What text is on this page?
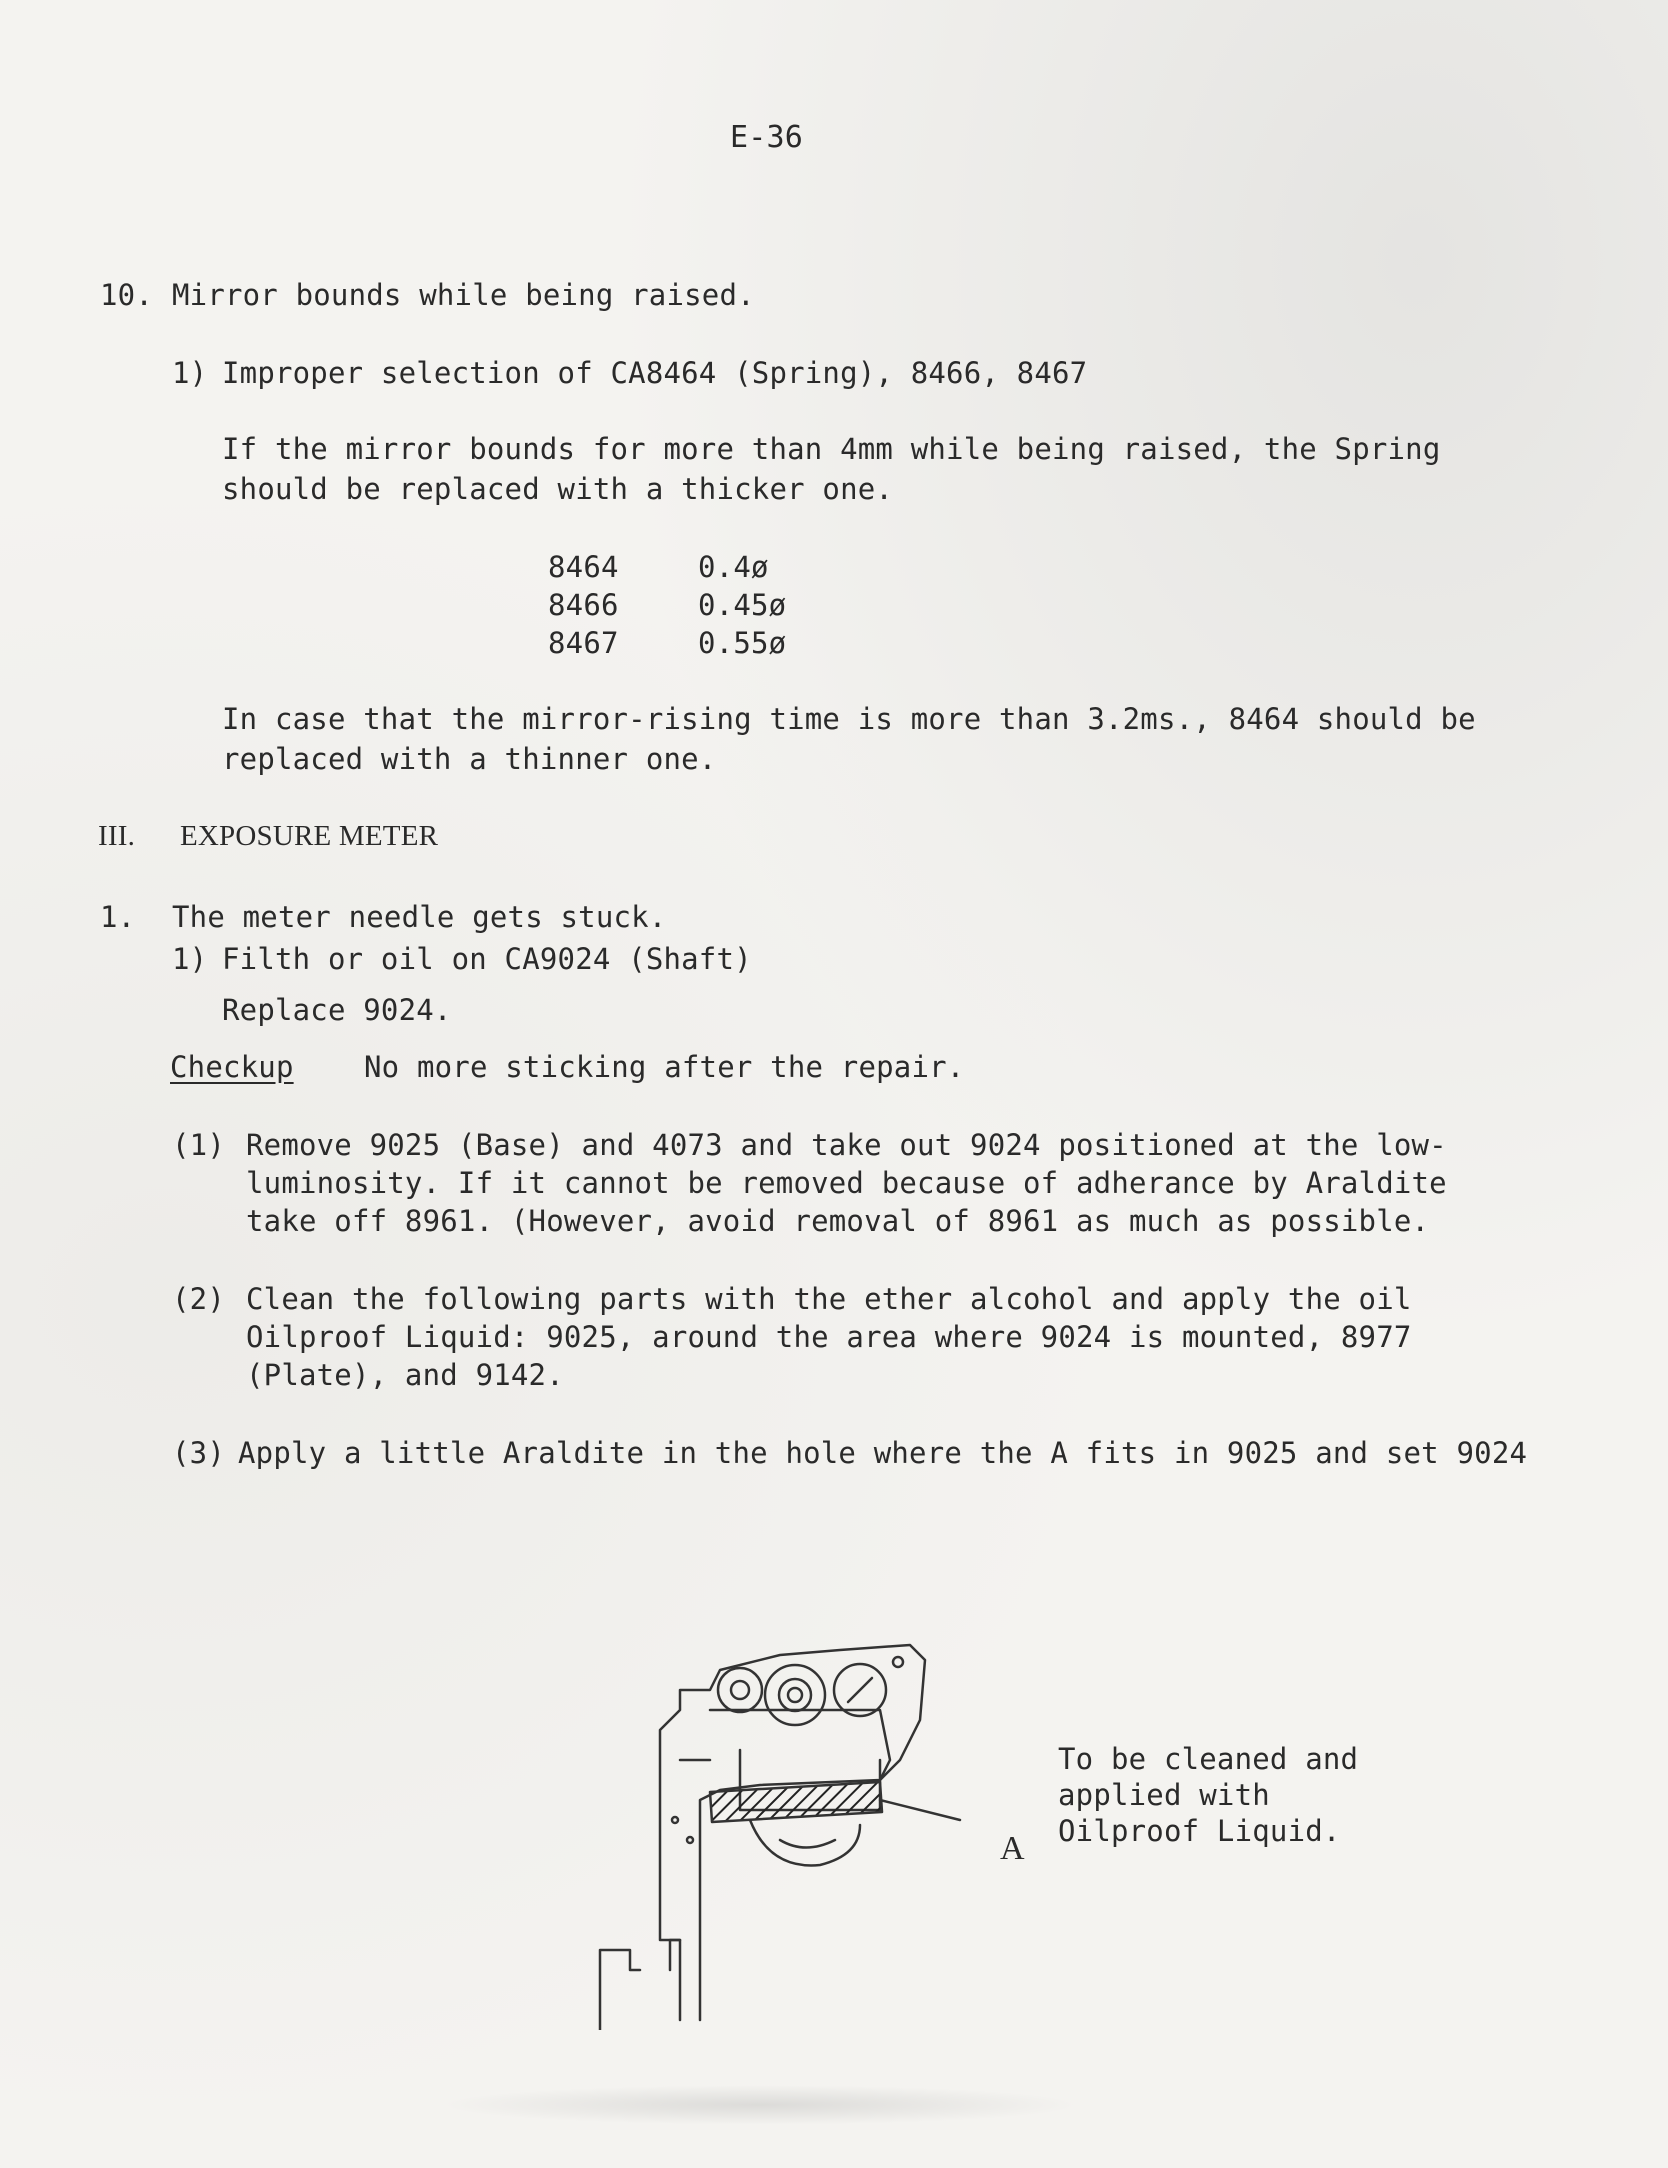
E-36
10. Mirror bounds while being raised.
1) Improper selection of CA8464 (Spring), 8466, 8467
If the mirror bounds for more than 4mm while being raised, the Spring
should be replaced with a thicker one.
8464	0.4ø
8466	0.45ø
8467	0.55ø
In case that the mirror-rising time is more than 3.2ms., 8464 should be
replaced with a thinner one.
III. EXPOSURE METER
1. The meter needle gets stuck.
1) Filth or oil on CA9024 (Shaft)
Replace 9024.
Checkup No more sticking after the repair.
(1) Remove 9025 (Base) and 4073 and take out 9024 positioned at the low-
luminosity. If it cannot be removed because of adherance by Araldite
take off 8961. (However, avoid removal of 8961 as much as possible.
(2) Clean the following parts with the ether alcohol and apply the oil
Oilproof Liquid: 9025, around the area where 9024 is mounted, 8977
(Plate), and 9142.
(3) Apply a little Araldite in the hole where the A fits in 9025 and set 9024
A
To be cleaned and
applied with
Oilproof Liquid.
